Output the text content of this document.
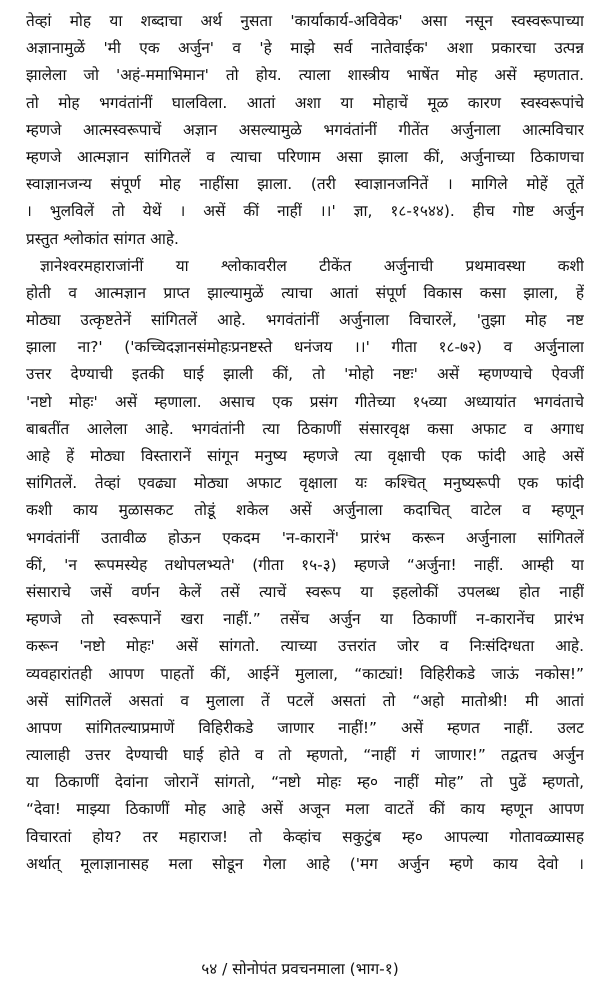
तेव्हां मोह या शब्दाचा अर्थ नुसता 'कार्याकार्य-अविवेक' असा नसून स्वस्वरूपाच्या
अज्ञानामुळें 'मी एक अर्जुन' व 'हे माझे सर्व नातेवाईक' अशा प्रकारचा उत्पन्न
झालेला जो 'अहं-ममाभिमान' तो होय. त्याला शास्त्रीय भाषेंत मोह असें म्हणतात.
तो मोह भगवंतांनीं घालविला. आतां अशा या मोहाचें मूळ कारण स्वस्वरूपांचे
म्हणजे आत्मस्वरूपाचें अज्ञान असल्यामुळे भगवंतांनीं गीतेंत अर्जुनाला आत्मविचार
म्हणजे आत्मज्ञान सांगितलें व त्याचा परिणाम असा झाला कीं, अर्जुनाच्या ठिकाणचा
स्वाज्ञानजन्य संपूर्ण मोह नाहींसा झाला. (तरी स्वाज्ञानजनितें । मागिले मोहें तूतें
। भुलविलें तो येथें । असें कीं नाहीं ।।' ज्ञा, १८-१५४४). हीच गोष्ट अर्जुन
प्रस्तुत श्लोकांत सांगत आहे.

ज्ञानेश्वरमहाराजांनीं या श्लोकावरील टीकेंत अर्जुनाची प्रथमावस्था कशी
होती व आत्मज्ञान प्राप्त झाल्यामुळें त्याचा आतां संपूर्ण विकास कसा झाला, हें
मोठ्या उत्कृष्टतेनें सांगितलें आहे. भगवंतांनीं अर्जुनाला विचारलें, 'तुझा मोह नष्ट
झाला ना?' ('कच्चिदज्ञानसंमोहःप्रनष्टस्ते धनंजय ।।' गीता १८-७२) व अर्जुनाला
उत्तर देण्याची इतकी घाई झाली कीं, तो 'मोहो नष्टः' असें म्हणण्याचे ऐवजीं
'नष्टो मोहः' असें म्हणाला. असाच एक प्रसंग गीतेच्या १५व्या अध्यायांत भगवंताचे
बाबतींत आलेला आहे. भगवंतांनी त्या ठिकाणीं संसारवृक्ष कसा अफाट व अगाध
आहे हें मोठ्या विस्तारानें सांगून मनुष्य म्हणजे त्या वृक्षाची एक फांदी आहे असें
सांगितलें. तेव्हां एवढ्या मोठ्या अफाट वृक्षाला यः कश्चित् मनुष्यरूपी एक फांदी
कशी काय मुळासकट तोडूं शकेल असें अर्जुनाला कदाचित् वाटेल व म्हणून
भगवंतांनीं उतावीळ होऊन एकदम 'न-कारानें' प्रारंभ करून अर्जुनाला सांगितलें
कीं, 'न रूपमस्येह तथोपलभ्यते' (गीता १५-३) म्हणजे “अर्जुना! नाहीं. आम्ही या
संसाराचे जसें वर्णन केलें तसें त्याचें स्वरूप या इहलोकीं उपलब्ध होत नाहीं
म्हणजे तो स्वरूपानें खरा नाहीं.” तसेंच अर्जुन या ठिकाणीं न-कारानेंच प्रारंभ
करून 'नष्टो मोहः' असें सांगतो. त्याच्या उत्तरांत जोर व निःसंदिग्धता आहे.
व्यवहारांतही आपण पाहतों कीं, आईनें मुलाला, “काट्यां! विहिरीकडे जाऊं नकोस!”
असें सांगितलें असतां व मुलाला तें पटलें असतां तो “अहो मातोश्री! मी आतां
आपण सांगितल्याप्रमाणें विहिरीकडे जाणार नाहीं!” असें म्हणत नाहीं. उलट
त्यालाही उत्तर देण्याची घाई होते व तो म्हणतो, “नाहीं गं जाणार!” तद्वतच अर्जुन
या ठिकाणीं देवांना जोरानें सांगतो, “नष्टो मोहः म्ह० नाहीं मोह” तो पुढें म्हणतो,
“देवा! माझ्या ठिकाणीं मोह आहे असें अजून मला वाटतें कीं काय म्हणून आपण
विचारतां होय? तर महाराज! तो केव्हांच सकुटुंब म्ह० आपल्या गोतावळ्यासह
अर्थात् मूलाज्ञानासह मला सोडून गेला आहे ('मग अर्जुन म्हणे काय देवो ।

५४ / सोनोपंत प्रवचनमाला (भाग-१)
